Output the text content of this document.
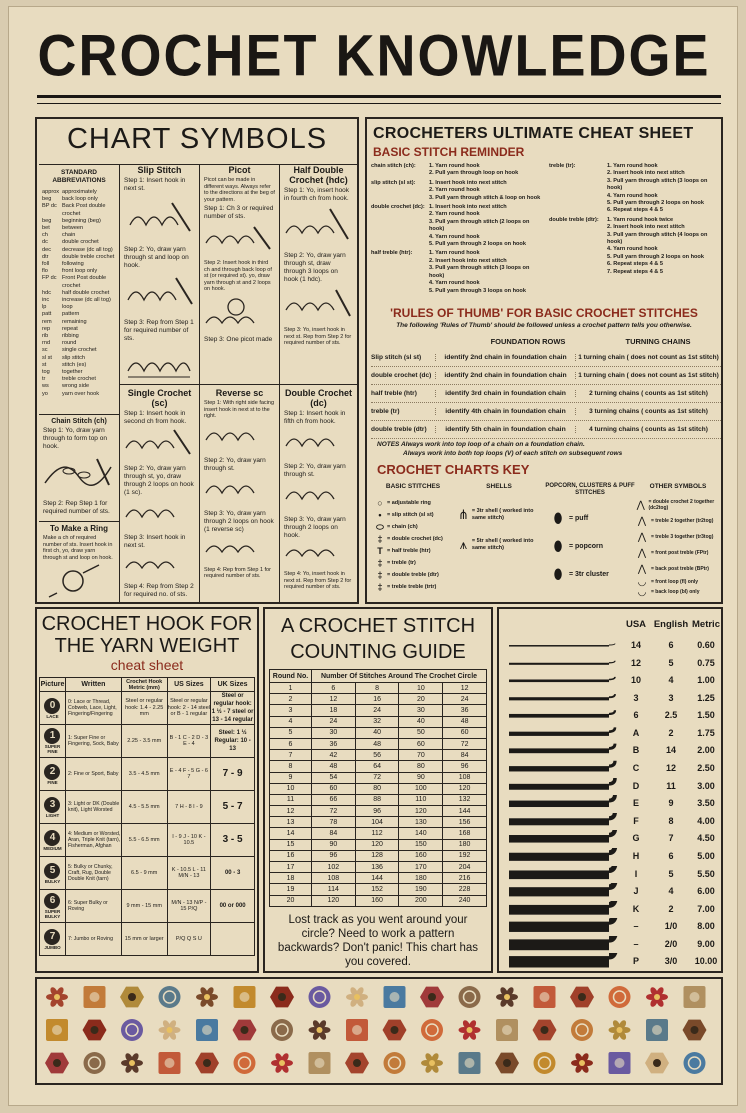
CROCHET KNOWLEDGE
CHART SYMBOLS
STANDARD ABBREVIATIONS
approx approximately
beg	back loop only
BP dc Back Post double crochet
beg	beginning (beg)
bet	between
ch	chain
dc	double crochet
dec	decrease (dc all tog)
dtr	double treble crochet
foll	following
flo	front loop only
FP dc Front Post double crochet
hdc	half double crochet
inc	increase (dc all tog)
lp	loop
patt	pattern
rem	remaining
rep	repeat
rib	ribbing
rnd	round
sc	single crochet
sl st	slip stitch
st	stitch (es)
tog	together
tr	treble crochet
ws	wrong side
yo	yarn over hook
Chain Stitch (ch)
Step 1: Yo, draw yarn through to form top on hook.
Step 2: Rep Step 1 for required number of sts.
To Make a Ring
Make a ch of required number of sts. Insert hook in first ch, yo, draw yarn through st and loop on hook.
Slip Stitch
Step 1: Insert hook in next st.
Step 2: Yo, draw yarn through st and loop on hook.
Step 3: Rep from Step 1 for required number of sts.
Picot
Picot can be made in different ways. Always refer to the directions at the beg of your pattern.
Step 1: Ch 3 or required number of sts.
Step 2: Insert hook in third ch and through back loop of st (or required st). yo, draw yarn through st and 2 loops on hook.
Step 3: One picot made
Half Double Crochet (hdc)
Step 1: Yo, insert hook in fourth ch from hook.
Step 2: Yo, draw yarn through st, draw through 3 loops on hook (1 hdc).
Step 3: Yo, insert hook in next st. Rep from Step 2 for required number of sts.
Single Crochet (sc)
Step 1: Insert hook in second ch from hook.
Step 2: Yo, draw yarn through st, yo, draw through 2 loops on hook (1 sc).
Step 3: Insert hook in next st.
Step 4: Rep from Step 2 for required no. of sts.
Reverse sc
Step 1: With right side facing insert hook in next st to the right.
Step 2: Yo, draw yarn through st.
Step 3: Yo, draw yarn through 2 loops on hook (1 reverse sc)
Step 4: Rep from Step 1 for required number of sts.
Double Crochet (dc)
Step 1: Insert hook in fifth ch from hook.
Step 2: Yo, draw yarn through st.
Step 3: Yo, draw yarn through 2 loops on hook.
Step 4: Yo, insert hook in next st. Rep from Step 2 for required number of sts.
CROCHETERS ULTIMATE CHEAT SHEET
BASIC STITCH REMINDER
chain stitch (ch):	1. Yarn round hook
2. Pull yarn through loop on hook
slip stitch (sl st):	1. Insert hook into next stitch
2. Yarn round hook
3. Pull yarn through stitch & loop on hook
double crochet (dc): 1. Insert hook into next stitch
2. Yarn round hook
3. Pull yarn through stitch (2 loops on hook)
4. Yarn round hook
5. Pull yarn through 2 loops on hook
half treble (htr):	1. Yarn round hook
2. Insert hook into next stitch
3. Pull yarn through stitch (3 loops on hook)
4. Yarn round hook
5. Pull yarn through 3 loops on hook
treble (tr):	1. Yarn round hook
2. Insert hook into next stitch
3. Pull yarn through stitch (3 loops on hook)
4. Yarn round hook
5. Pull yarn through 2 loops on hook
6. Repeat steps 4 & 5
double treble (dtr):	1. Yarn round hook twice
2. Insert hook into next stitch
3. Pull yarn through stitch (4 loops on hook)
4. Yarn round hook
5. Pull yarn through 2 loops on hook
6. Repeat steps 4 & 5
7. Repeat steps 4 & 5
'RULES OF THUMB' FOR BASIC CROCHET STITCHES
The following 'Rules of Thumb' should be followed unless a crochet pattern tells you otherwise.
FOUNDATION ROWS	TURNING CHAINS
Slip stitch (sl st)	identify 2nd chain in foundation chain	1 turning chain ( does not count as 1st stitch)
double crochet (dc)	identify 2nd chain in foundation chain	1 turning chain ( does not count as 1st stitch)
half treble (htr)	identify 3rd chain in foundation chain	2 turning chains ( counts as 1st stitch)
treble (tr)	identify 4th chain in foundation chain	3 turning chains ( counts as 1st stitch)
double treble (dtr)	identify 5th chain in foundation chain	4 turning chains ( counts as 1st stitch)
NOTES Always work into top loop of a chain on a foundation chain.
Always work into both top loops (V) of each stitch on subsequent rows
CROCHET CHARTS KEY
BASIC STITCHES	SHELLS	POPCORN, CLUSTERS & PUFF STITCHES
OTHER SYMBOLS
○ = adjustable ring
• = slip stitch (sl st)
⬭ = chain (ch)
‡ = double crochet (dc)
T = half treble (htr)
‡ = treble (tr)
‡ = double treble (dtr)
‡ = treble treble (trtr)
⋔ = 3tr shell ( worked into same stitch)
⩚ = 5tr shell ( worked into same stitch)
⬮ = puff
⬮ = popcorn
⬮ = 3tr cluster
⋀ = double crochet 2 together (dc2tog)
⋀ = treble 2 together (tr2tog)
⋀ = treble 3 together (tr3tog)
⋀ = front post treble (FPtr)
⋀ = back post treble (BPtr)
◡ = front loop (fl) only
◡ = back loop (bl) only
CROCHET HOOK FOR
THE YARN WEIGHT
cheat sheet
Picture	Written	Crochet Hook Metric (mm)	US Sizes	UK Sizes

0
LACE	0: Lace or Thread, Cobweb, Lace, Light, Fingering/Fingering	Steel or regular hook: 1.4 - 2.25 mm	Steel or regular hook: 2 - 14 steel or B - 1 regular	Steel or regular hook: 1 ½ - 7 steel or 13 - 14 regular

1
SUPER FINE	1: Super Fine or Fingering, Sock, Baby	2.25 - 3.5 mm	B - 1 C - 2 D - 3 E - 4	Steel: 1 ½ Regular: 10 - 13

2
FINE	2: Fine or Sport, Baby	3.5 - 4.5 mm	E - 4 F - 5 G - 6 7	7 - 9

3
LIGHT	3: Light or DK (Double knit), Light Worsted	4.5 - 5.5 mm	7 H - 8 I - 9	5 - 7

4
MEDIUM	4: Medium or Worsted, Aran, Triple Knit (tarn), Fisherman, Afghan	5.5 - 6.5 mm	I - 9 J - 10 K - 10.5	3 - 5

5
BULKY	5: Bulky or Chunky, Craft, Rug, Double Double Knit (tarn)	6.5 - 9 mm	K - 10.5 L - 11 M/N - 13	00 - 3

6
SUPER BULKY	6: Super Bulky or Roving	9 mm - 15 mm	M/N - 13 N/P - 15 P/Q	00 or 000

7
JUMBO	7: Jumbo or Roving	15 mm or larger	P/Q Q S U	
A CROCHET STITCH
COUNTING GUIDE
Round No.	Number Of Stitches Around The Crochet Circle			
1	6	8	10	12
2	12	16	20	24
3	18	24	30	36
4	24	32	40	48
5	30	40	50	60
6	36	48	60	72
7	42	56	70	84
8	48	64	80	96
9	54	72	90	108
10	60	80	100	120
11	66	88	110	132
12	72	96	120	144
13	78	104	130	156
14	84	112	140	168
15	90	120	150	180
16	96	128	160	192
17	102	136	170	204
18	108	144	180	216
19	114	152	190	228
20	120	160	200	240
Lost track as you went around your circle? Need to work a pattern backwards? Don't panic! This chart has you covered.
USA English Metric
14	6	0.60
12	5	0.75
10	4	1.00
3	3	1.25
6	2.5	1.50
A	2	1.75
B	14	2.00
C	12	2.50
D	11	3.00
E	9	3.50
F	8	4.00
G	7	4.50
H	6	5.00
I	5	5.50
J	4	6.00
K	2	7.00
–	1/0	8.00
–	2/0	9.00
P	3/0	10.00
